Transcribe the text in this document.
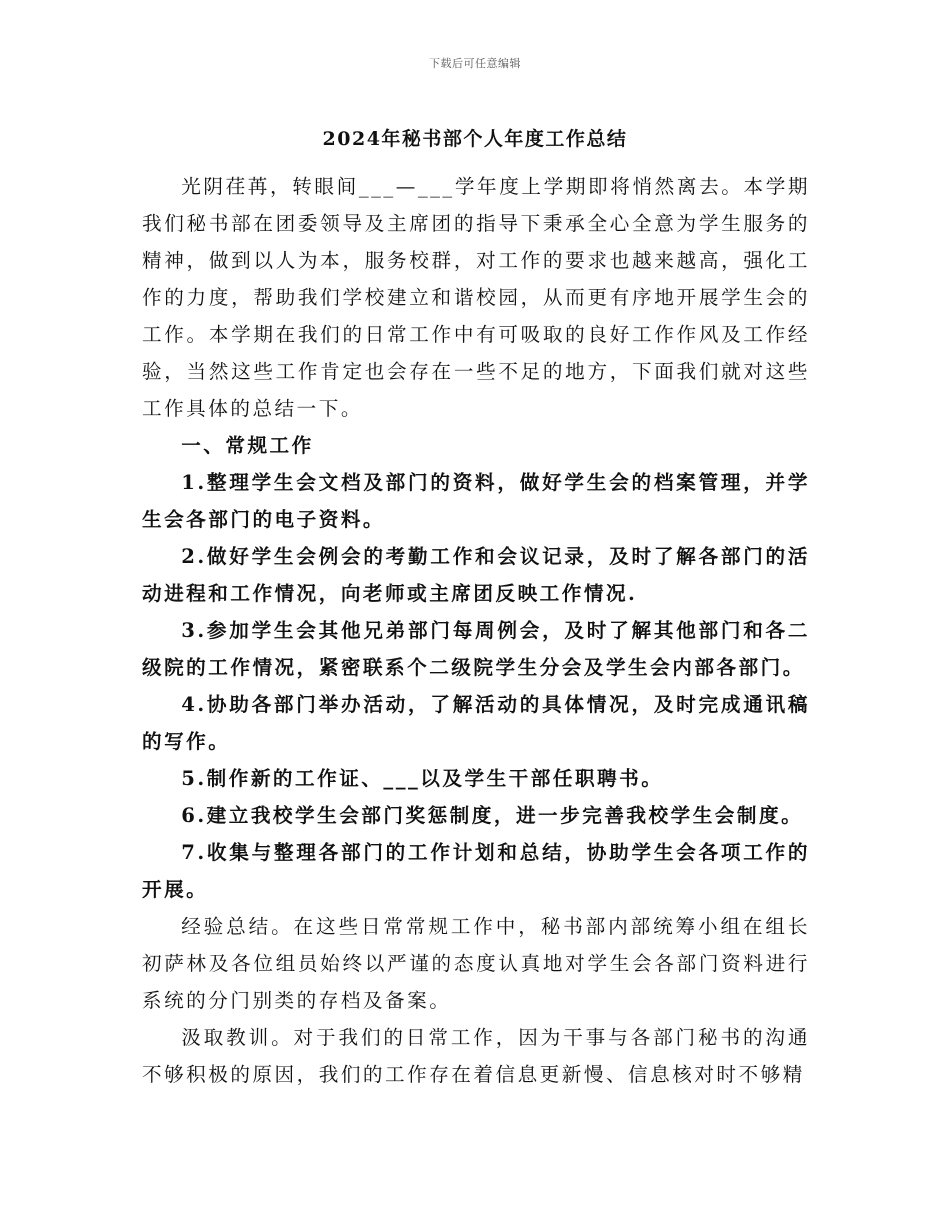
下载后可任意编辑
2024年秘书部个人年度工作总结

光阴荏苒，转眼间___—___学年度上学期即将悄然离去。本学期我们秘书部在团委领导及主席团的指导下秉承全心全意为学生服务的精神，做到以人为本，服务校群，对工作的要求也越来越高，强化工作的力度，帮助我们学校建立和谐校园，从而更有序地开展学生会的工作。本学期在我们的日常工作中有可吸取的良好工作作风及工作经验，当然这些工作肯定也会存在一些不足的地方，下面我们就对这些工作具体的总结一下。

一、常规工作

1.整理学生会文档及部门的资料，做好学生会的档案管理，并学生会各部门的电子资料。

2.做好学生会例会的考勤工作和会议记录，及时了解各部门的活动进程和工作情况，向老师或主席团反映工作情况.

3.参加学生会其他兄弟部门每周例会，及时了解其他部门和各二级院的工作情况，紧密联系个二级院学生分会及学生会内部各部门。

4.协助各部门举办活动，了解活动的具体情况，及时完成通讯稿的写作。

5.制作新的工作证、___以及学生干部任职聘书。

6.建立我校学生会部门奖惩制度，进一步完善我校学生会制度。

7.收集与整理各部门的工作计划和总结，协助学生会各项工作的开展。

经验总结。在这些日常常规工作中，秘书部内部统筹小组在组长初萨林及各位组员始终以严谨的态度认真地对学生会各部门资料进行系统的分门别类的存档及备案。

汲取教训。对于我们的日常工作，因为干事与各部门秘书的沟通不够积极的原因，我们的工作存在着信息更新慢、信息核对时不够精
